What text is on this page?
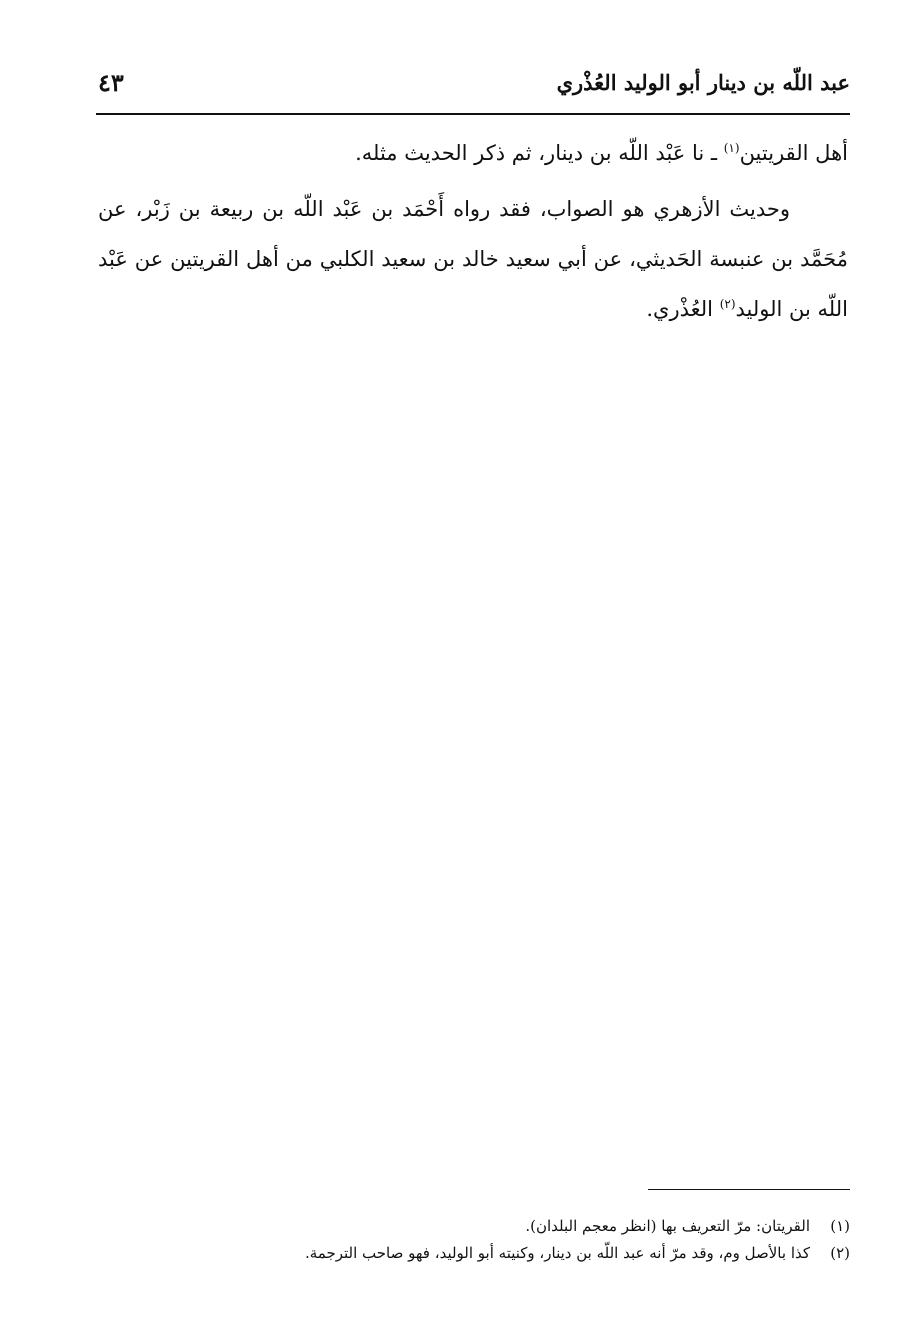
عبد اللّه بن دينار أبو الوليد العُذْري
٤٣

أهل القريتين$^{(١)}$ ـ نا عَبْد اللّه بن دينار، ثم ذكر الحديث مثله.

وحديث الأزهري هو الصواب، فقد رواه أَحْمَد بن عَبْد اللّه بن ربيعة بن زَبْر، عن مُحَمَّد بن عنبسة الحَديثي، عن أبي سعيد خالد بن سعيد الكلبي من أهل القريتين عن عَبْد اللّه بن الوليد$^{(٢)}$ العُذْري.

(١)
القريتان: مرّ التعريف بها (انظر معجم البلدان).
(٢)
كذا بالأصل وم، وقد مرّ أنه عبد اللّه بن دينار، وكنيته أبو الوليد، فهو صاحب الترجمة.
